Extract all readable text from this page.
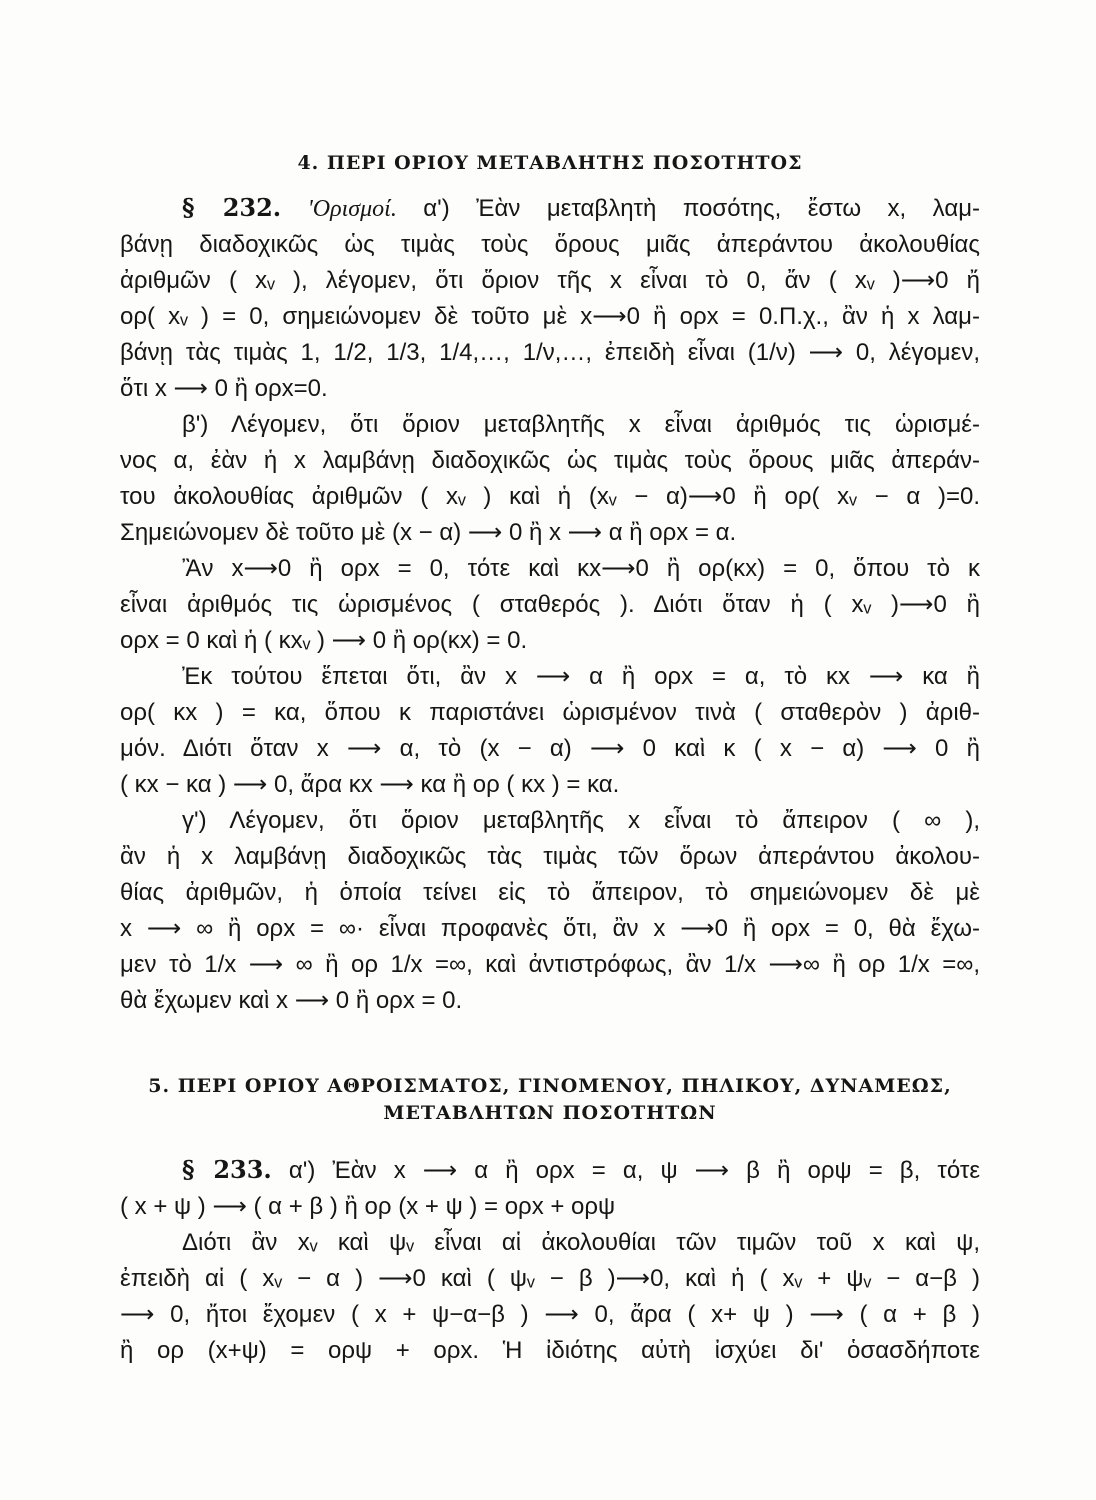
4. ΠΕΡΙ ΟΡΙΟΥ ΜΕΤΑΒΛΗΤΗΣ ΠΟΣΟΤΗΤΟΣ

§ 232. 'Ορισμοί. α') Ἐὰν μεταβλητὴ ποσότης, ἔστω x, λαμ-

βάνῃ διαδοχικῶς ὡς τιμὰς τοὺς ὅρους μιᾶς ἀπεράντου ἀκολουθίας

ἀριθμῶν ( xᵥ ), λέγομεν, ὅτι ὅριον τῆς x εἶναι τὸ 0, ἄν ( xᵥ )⟶0 ἤ

ορ( xᵥ ) = 0, σημειώνομεν δὲ τοῦτο μὲ x⟶0 ἢ ορx = 0.Π.χ., ἂν ἡ x λαμ-

βάνῃ τὰς τιμὰς 1, 1/2, 1/3, 1/4,…, 1/ν,…, ἐπειδὴ εἶναι (1/ν) ⟶ 0, λέγομεν,

ὅτι x ⟶ 0 ἢ ορx=0.

β') Λέγομεν, ὅτι ὅριον μεταβλητῆς x εἶναι ἀριθμός τις ὡρισμέ-

νος α, ἐὰν ἡ x λαμβάνῃ διαδοχικῶς ὡς τιμὰς τοὺς ὅρους μιᾶς ἀπεράν-

του ἀκολουθίας ἀριθμῶν ( xᵥ ) καὶ ἡ (xᵥ − α)⟶0 ἢ ορ( xᵥ − α )=0.

Σημειώνομεν δὲ τοῦτο μὲ (x − α) ⟶ 0 ἢ x ⟶ α ἢ ορx = α.

Ἂν x⟶0 ἢ ορx = 0, τότε καὶ κx⟶0 ἢ ορ(κx) = 0, ὅπου τὸ κ

εἶναι ἀριθμός τις ὡρισμένος ( σταθερός ). Διότι ὅταν ἡ ( xᵥ )⟶0 ἢ

ορx = 0 καὶ ἡ ( κxᵥ ) ⟶ 0 ἢ ορ(κx) = 0.

Ἐκ τούτου ἕπεται ὅτι, ἂν x ⟶ α ἢ ορx = α, τὸ κx ⟶ κα ἢ

ορ( κx ) = κα, ὅπου κ παριστάνει ὡρισμένον τινὰ ( σταθερὸν ) ἀριθ-

μόν. Διότι ὅταν x ⟶ α, τὸ (x − α) ⟶ 0 καὶ κ ( x − α) ⟶ 0 ἢ

( κx − κα ) ⟶ 0, ἄρα κx ⟶ κα ἢ ορ ( κx ) = κα.

γ') Λέγομεν, ὅτι ὅριον μεταβλητῆς x εἶναι τὸ ἄπειρον ( ∞ ),

ἂν ἡ x λαμβάνῃ διαδοχικῶς τὰς τιμὰς τῶν ὅρων ἀπεράντου ἀκολου-

θίας ἀριθμῶν, ἡ ὁποία τείνει εἰς τὸ ἄπειρον, τὸ σημειώνομεν δὲ μὲ

x ⟶ ∞ ἢ ορx = ∞· εἶναι προφανὲς ὅτι, ἂν x ⟶0 ἢ ορx = 0, θὰ ἔχω-

μεν τὸ 1/x ⟶ ∞ ἢ ορ 1/x =∞, καὶ ἀντιστρόφως, ἂν 1/x ⟶∞ ἢ ορ 1/x =∞,

θὰ ἔχωμεν καὶ x ⟶ 0 ἢ ορx = 0.

5. ΠΕΡΙ ΟΡΙΟΥ ΑΘΡΟΙΣΜΑΤΟΣ, ΓΙΝΟΜΕΝΟΥ, ΠΗΛΙΚΟΥ, ΔΥΝΑΜΕΩΣ,
ΜΕΤΑΒΛΗΤΩΝ ΠΟΣΟΤΗΤΩΝ

§ 233. α') Ἐὰν x ⟶ α ἢ ορx = α, ψ ⟶ β ἢ ορψ = β, τότε

( x + ψ ) ⟶ ( α + β ) ἢ ορ (x + ψ ) = ορx + ορψ

Διότι ἂν xᵥ καὶ ψᵥ εἶναι αἱ ἀκολουθίαι τῶν τιμῶν τοῦ x καὶ ψ,

ἐπειδὴ αἱ ( xᵥ − α ) ⟶0 καὶ ( ψᵥ − β )⟶0, καὶ ἡ ( xᵥ + ψᵥ − α−β )

⟶ 0, ἤτοι ἔχομεν ( x + ψ−α−β ) ⟶ 0, ἄρα ( x+ ψ ) ⟶ ( α + β )

ἢ ορ (x+ψ) = ορψ + ορx. Ἡ ἰδιότης αὐτὴ ἰσχύει δι' ὁσασδήποτε
